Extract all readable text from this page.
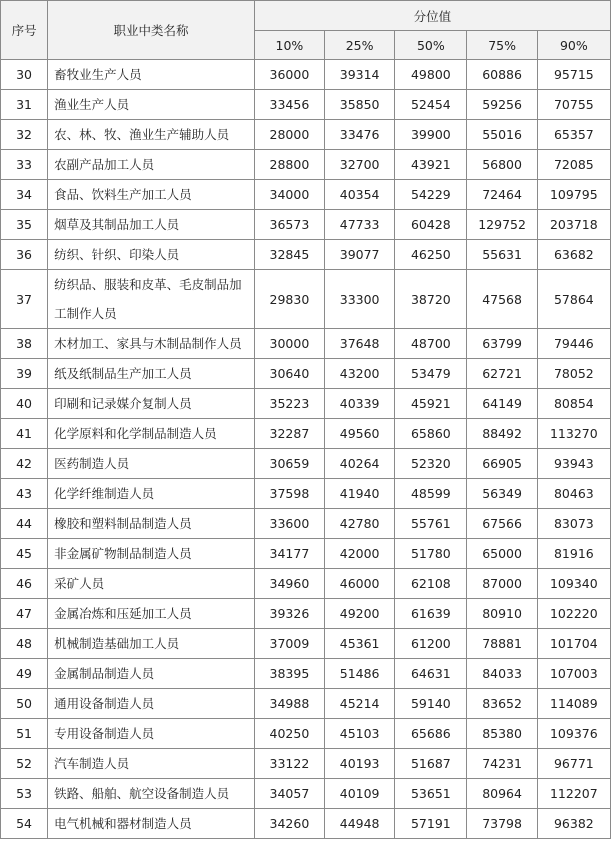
序号	职业中类名称	分位值				
		10%	25%	50%	75%	90%
30	畜牧业生产人员	36000	39314	49800	60886	95715
31	渔业生产人员	33456	35850	52454	59256	70755
32	农、林、牧、渔业生产辅助人员	28000	33476	39900	55016	65357
33	农副产品加工人员	28800	32700	43921	56800	72085
34	食品、饮料生产加工人员	34000	40354	54229	72464	109795
35	烟草及其制品加工人员	36573	47733	60428	129752	203718
36	纺织、针织、印染人员	32845	39077	46250	55631	63682
37	纺织品、服装和皮革、毛皮制品加工制作人员	29830	33300	38720	47568	57864
38	木材加工、家具与木制品制作人员	30000	37648	48700	63799	79446
39	纸及纸制品生产加工人员	30640	43200	53479	62721	78052
40	印刷和记录媒介复制人员	35223	40339	45921	64149	80854
41	化学原料和化学制品制造人员	32287	49560	65860	88492	113270
42	医药制造人员	30659	40264	52320	66905	93943
43	化学纤维制造人员	37598	41940	48599	56349	80463
44	橡胶和塑料制品制造人员	33600	42780	55761	67566	83073
45	非金属矿物制品制造人员	34177	42000	51780	65000	81916
46	采矿人员	34960	46000	62108	87000	109340
47	金属冶炼和压延加工人员	39326	49200	61639	80910	102220
48	机械制造基础加工人员	37009	45361	61200	78881	101704
49	金属制品制造人员	38395	51486	64631	84033	107003
50	通用设备制造人员	34988	45214	59140	83652	114089
51	专用设备制造人员	40250	45103	65686	85380	109376
52	汽车制造人员	33122	40193	51687	74231	96771
53	铁路、船舶、航空设备制造人员	34057	40109	53651	80964	112207
54	电气机械和器材制造人员	34260	44948	57191	73798	96382
